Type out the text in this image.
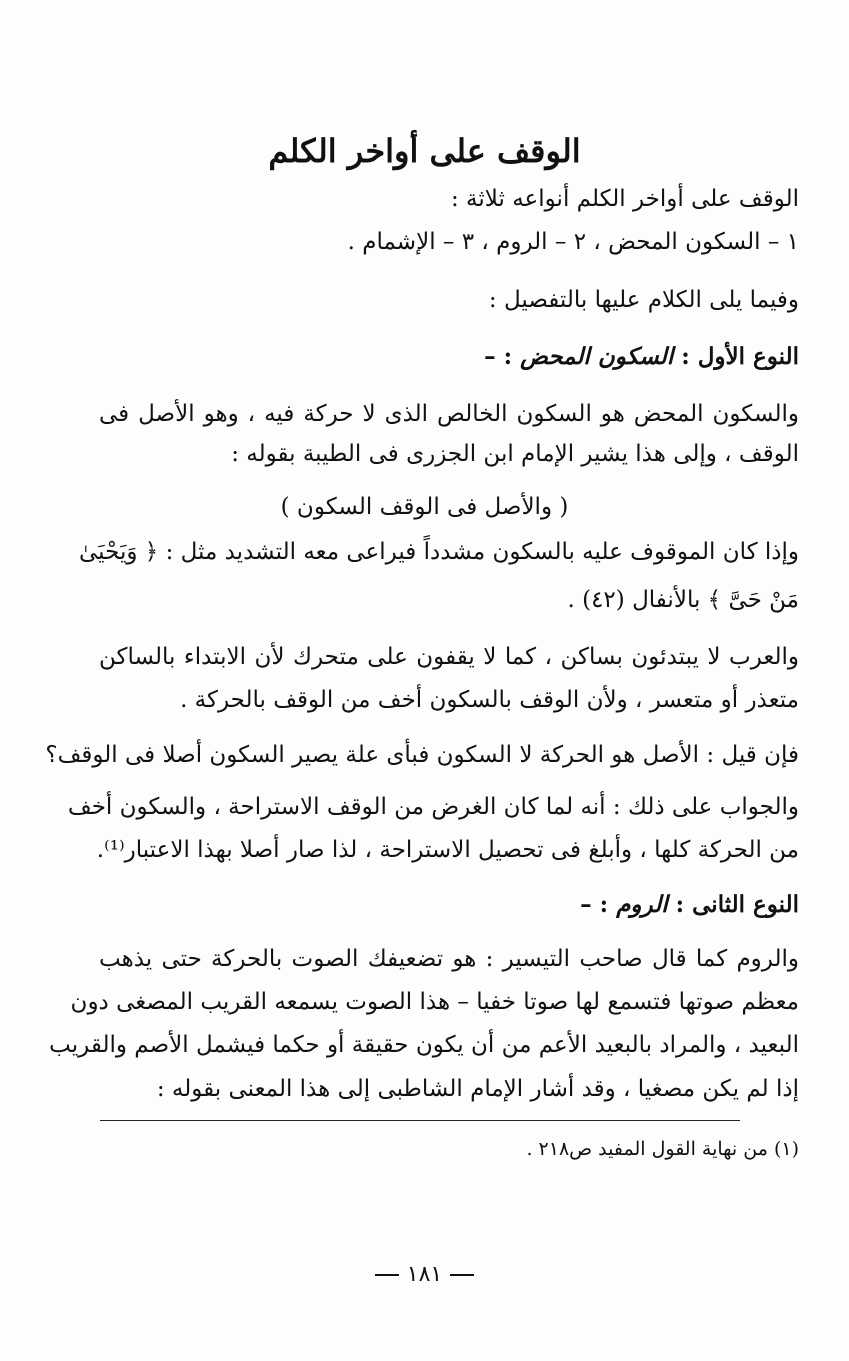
الوقف على أواخر الكلم
الوقف على أواخر الكلم أنواعه ثلاثة :
١ – السكون المحض ، ٢ – الروم ، ٣ – الإشمام .
وفيما يلى الكلام عليها بالتفصيل :
النوع الأول : السكون المحض : –
والسكون المحض هو السكون الخالص الذى لا حركة فيه ، وهو الأصل فى
الوقف ، وإلى هذا يشير الإمام ابن الجزرى فى الطيبة بقوله :
( والأصل فى الوقف السكون )
وإذا كان الموقوف عليه بالسكون مشدداً فيراعى معه التشديد مثل : ﴿ وَيَحْيَىٰ
مَنْ حَىَّ ﴾ بالأنفال (٤٢) .
والعرب لا يبتدئون بساكن ، كما لا يقفون على متحرك لأن الابتداء بالساكن
متعذر أو متعسر ، ولأن الوقف بالسكون أخف من الوقف بالحركة .
فإن قيل : الأصل هو الحركة لا السكون فبأى علة يصير السكون أصلا فى الوقف؟
والجواب على ذلك : أنه لما كان الغرض من الوقف الاستراحة ، والسكون أخف
من الحركة كلها ، وأبلغ فى تحصيل الاستراحة ، لذا صار أصلا بهذا الاعتبار⁽¹⁾.
النوع الثانى : الروم : –
والروم كما قال صاحب التيسير : هو تضعيفك الصوت بالحركة حتى يذهب
معظم صوتها فتسمع لها صوتا خفيا – هذا الصوت يسمعه القريب المصغى دون
البعيد ، والمراد بالبعيد الأعم من أن يكون حقيقة أو حكما فيشمل الأصم والقريب
إذا لم يكن مصغيا ، وقد أشار الإمام الشاطبى إلى هذا المعنى بقوله :
(١) من نهاية القول المفيد ص٢١٨ .
١٨١
